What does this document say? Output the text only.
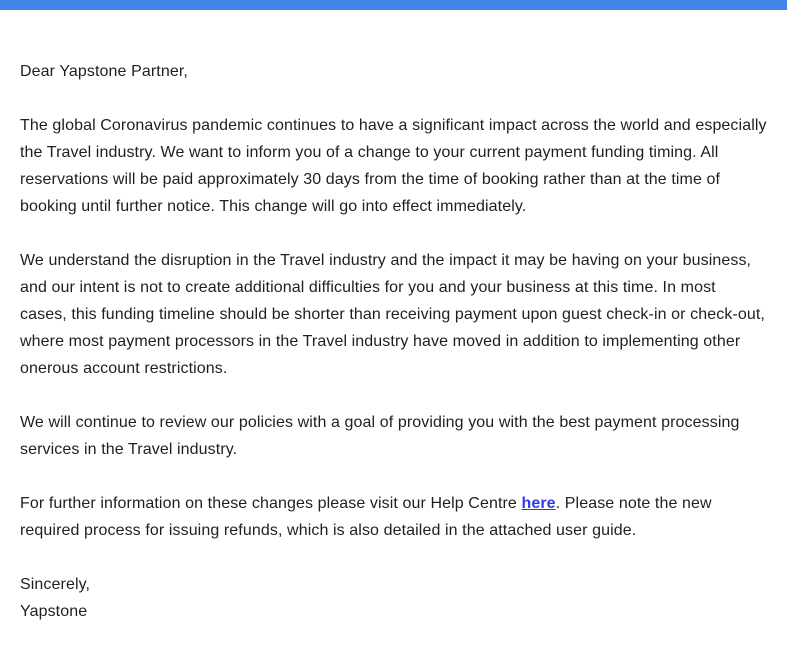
Dear Yapstone Partner,

The global Coronavirus pandemic continues to have a significant impact across the world and especially the Travel industry. We want to inform you of a change to your current payment funding timing. All reservations will be paid approximately 30 days from the time of booking rather than at the time of booking until further notice. This change will go into effect immediately.

We understand the disruption in the Travel industry and the impact it may be having on your business, and our intent is not to create additional difficulties for you and your business at this time. In most cases, this funding timeline should be shorter than receiving payment upon guest check-in or check-out, where most payment processors in the Travel industry have moved in addition to implementing other onerous account restrictions.

We will continue to review our policies with a goal of providing you with the best payment processing services in the Travel industry.

For further information on these changes please visit our Help Centre here. Please note the new required process for issuing refunds, which is also detailed in the attached user guide.

Sincerely,
Yapstone
